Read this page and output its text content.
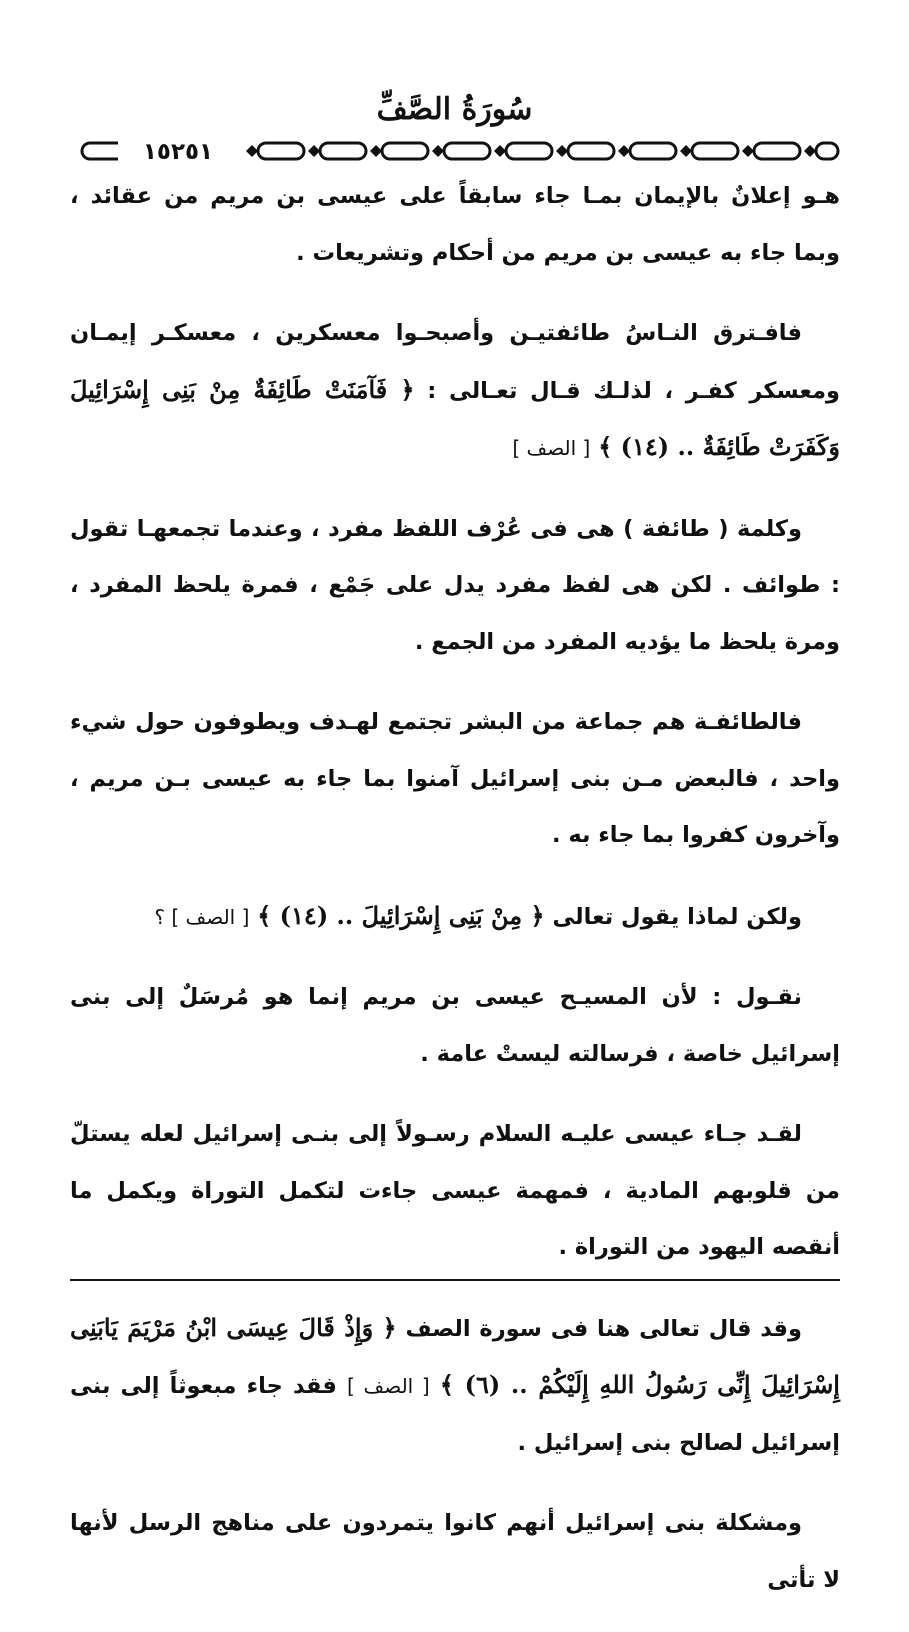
سُورَةُ الصَّفِّ
١٥٢٥١

هـو إعلانٌ بالإيمان بمـا جاء سابقاً على عيسى بن مريم من عقائد ، وبما جاء به عيسى بن مريم من أحكام وتشريعات .

فافـترق النـاسُ طائفتيـن وأصبحـوا معسكرين ، معسكـر إيمـان ومعسكر كفـر ، لذلـك قـال تعـالى : ﴿ فَآمَنَتْ طَائِفَةٌ مِنْ بَنِى إِسْرَائِيلَ وَكَفَرَتْ طَائِفَةٌ .. (١٤) ﴾ [ الصف ]

وكلمة ( طائفة ) هى فى عُرْف اللفظ مفرد ، وعندما تجمعهـا تقول : طوائف . لكن هى لفظ مفرد يدل على جَمْع ، فمرة يلحظ المفرد ، ومرة يلحظ ما يؤديه المفرد من الجمع .

فالطائفـة هم جماعة من البشر تجتمع لهـدف ويطوفون حول شيء واحد ، فالبعض مـن بنى إسرائيل آمنوا بما جاء به عيسى بـن مريم ، وآخرون كفروا بما جاء به .

ولكن لماذا يقول تعالى ﴿ مِنْ بَنِى إِسْرَائِيلَ .. (١٤) ﴾ [ الصف ] ؟

نقـول : لأن المسيـح عيسى بن مريم إنما هو مُرسَلٌ إلى بنى إسرائيل خاصة ، فرسالته ليستْ عامة .

لقـد جـاء عيسى عليـه السلام رسـولاً إلى بنـى إسرائيل لعله يستلّ من قلوبهم المادية ، فمهمة عيسى جاءت لتكمل التوراة ويكمل ما أنقصه اليهود من التوراة .

وقد قال تعالى هنا فى سورة الصف ﴿ وَإِذْ قَالَ عِيسَى ابْنُ مَرْيَمَ يَابَنِى إِسْرَائِيلَ إِنِّى رَسُولُ اللهِ إِلَيْكُمْ .. (٦) ﴾ [ الصف ] فقد جاء مبعوثاً إلى بنى إسرائيل لصالح بنى إسرائيل .

ومشكلة بنى إسرائيل أنهم كانوا يتمردون على مناهج الرسل لأنها لا تأتى
